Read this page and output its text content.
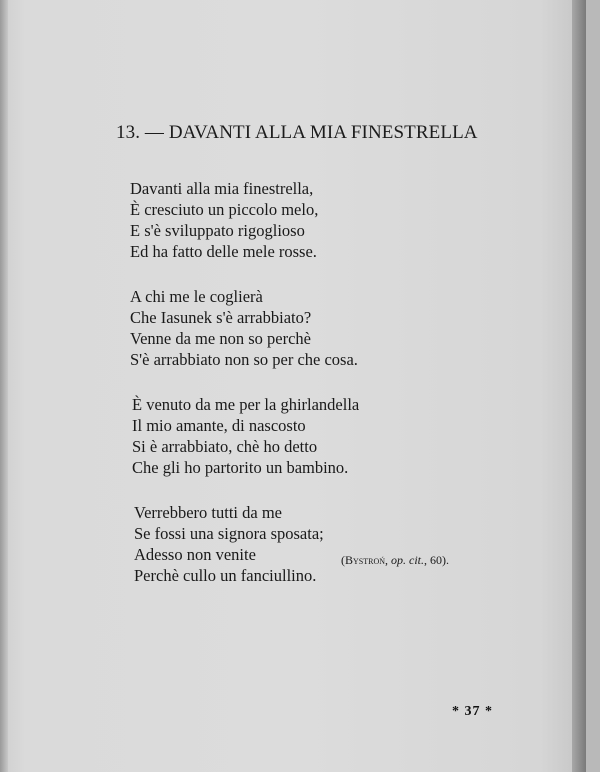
13. — DAVANTI ALLA MIA FINESTRELLA
Davanti alla mia finestrella,
È cresciuto un piccolo melo,
E s'è sviluppato rigoglioso
Ed ha fatto delle mele rosse.
A chi me le coglierà
Che Iasunek s'è arrabbiato?
Venne da me non so perchè
S'è arrabbiato non so per che cosa.
È venuto da me per la ghirlandella
Il mio amante, di nascosto
Si è arrabbiato, chè ho detto
Che gli ho partorito un bambino.
Verrebbero tutti da me
Se fossi una signora sposata;
Adesso non venite
Perchè cullo un fanciullino.
(Bystroń, op. cit., 60).
* 37 *
